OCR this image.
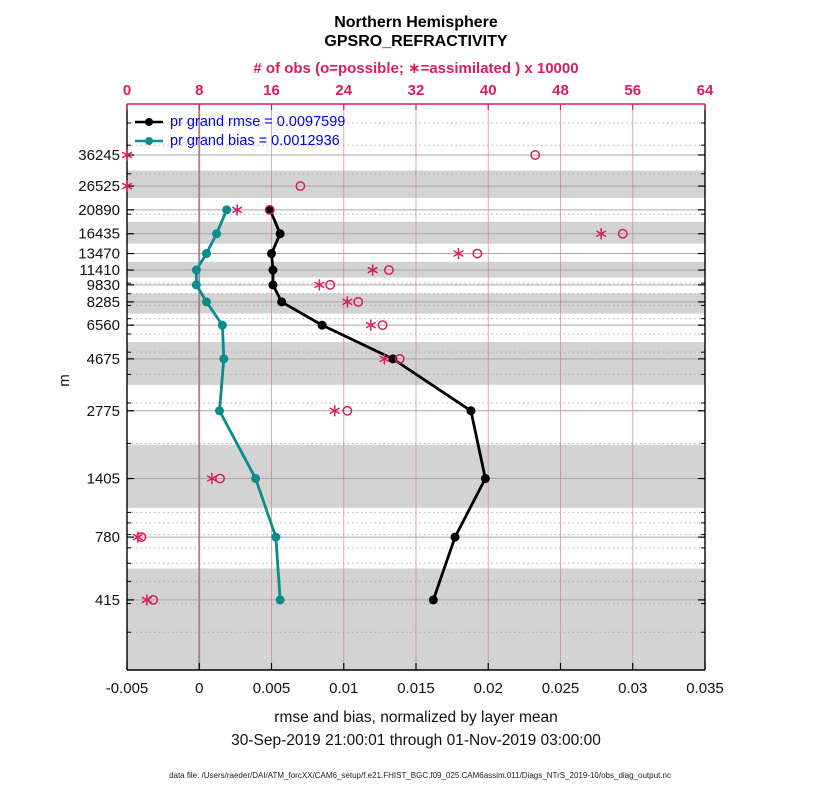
-0.005	0	0.005	0.01	0.015	0.02	0.025	0.03	0.035
0	8	16	24	32	40	48	56	64
36245
26525
20890
16435
13470
11410
9830
8285
6560
4675
2775
1405
780
415
Northern Hemisphere
GPSRO_REFRACTIVITY
# of obs (o=possible; ∗=assimilated ) x 10000
pr grand rmse = 0.0097599
pr grand bias = 0.0012936
m
rmse and bias, normalized by layer mean
30-Sep-2019 21:00:01 through 01-Nov-2019 03:00:00
data file: /Users/raeder/DAI/ATM_forcXX/CAM6_setup/f.e21.FHIST_BGC.f09_025.CAM6assim.011/Diags_NTrS_2019-10/obs_diag_output.nc
